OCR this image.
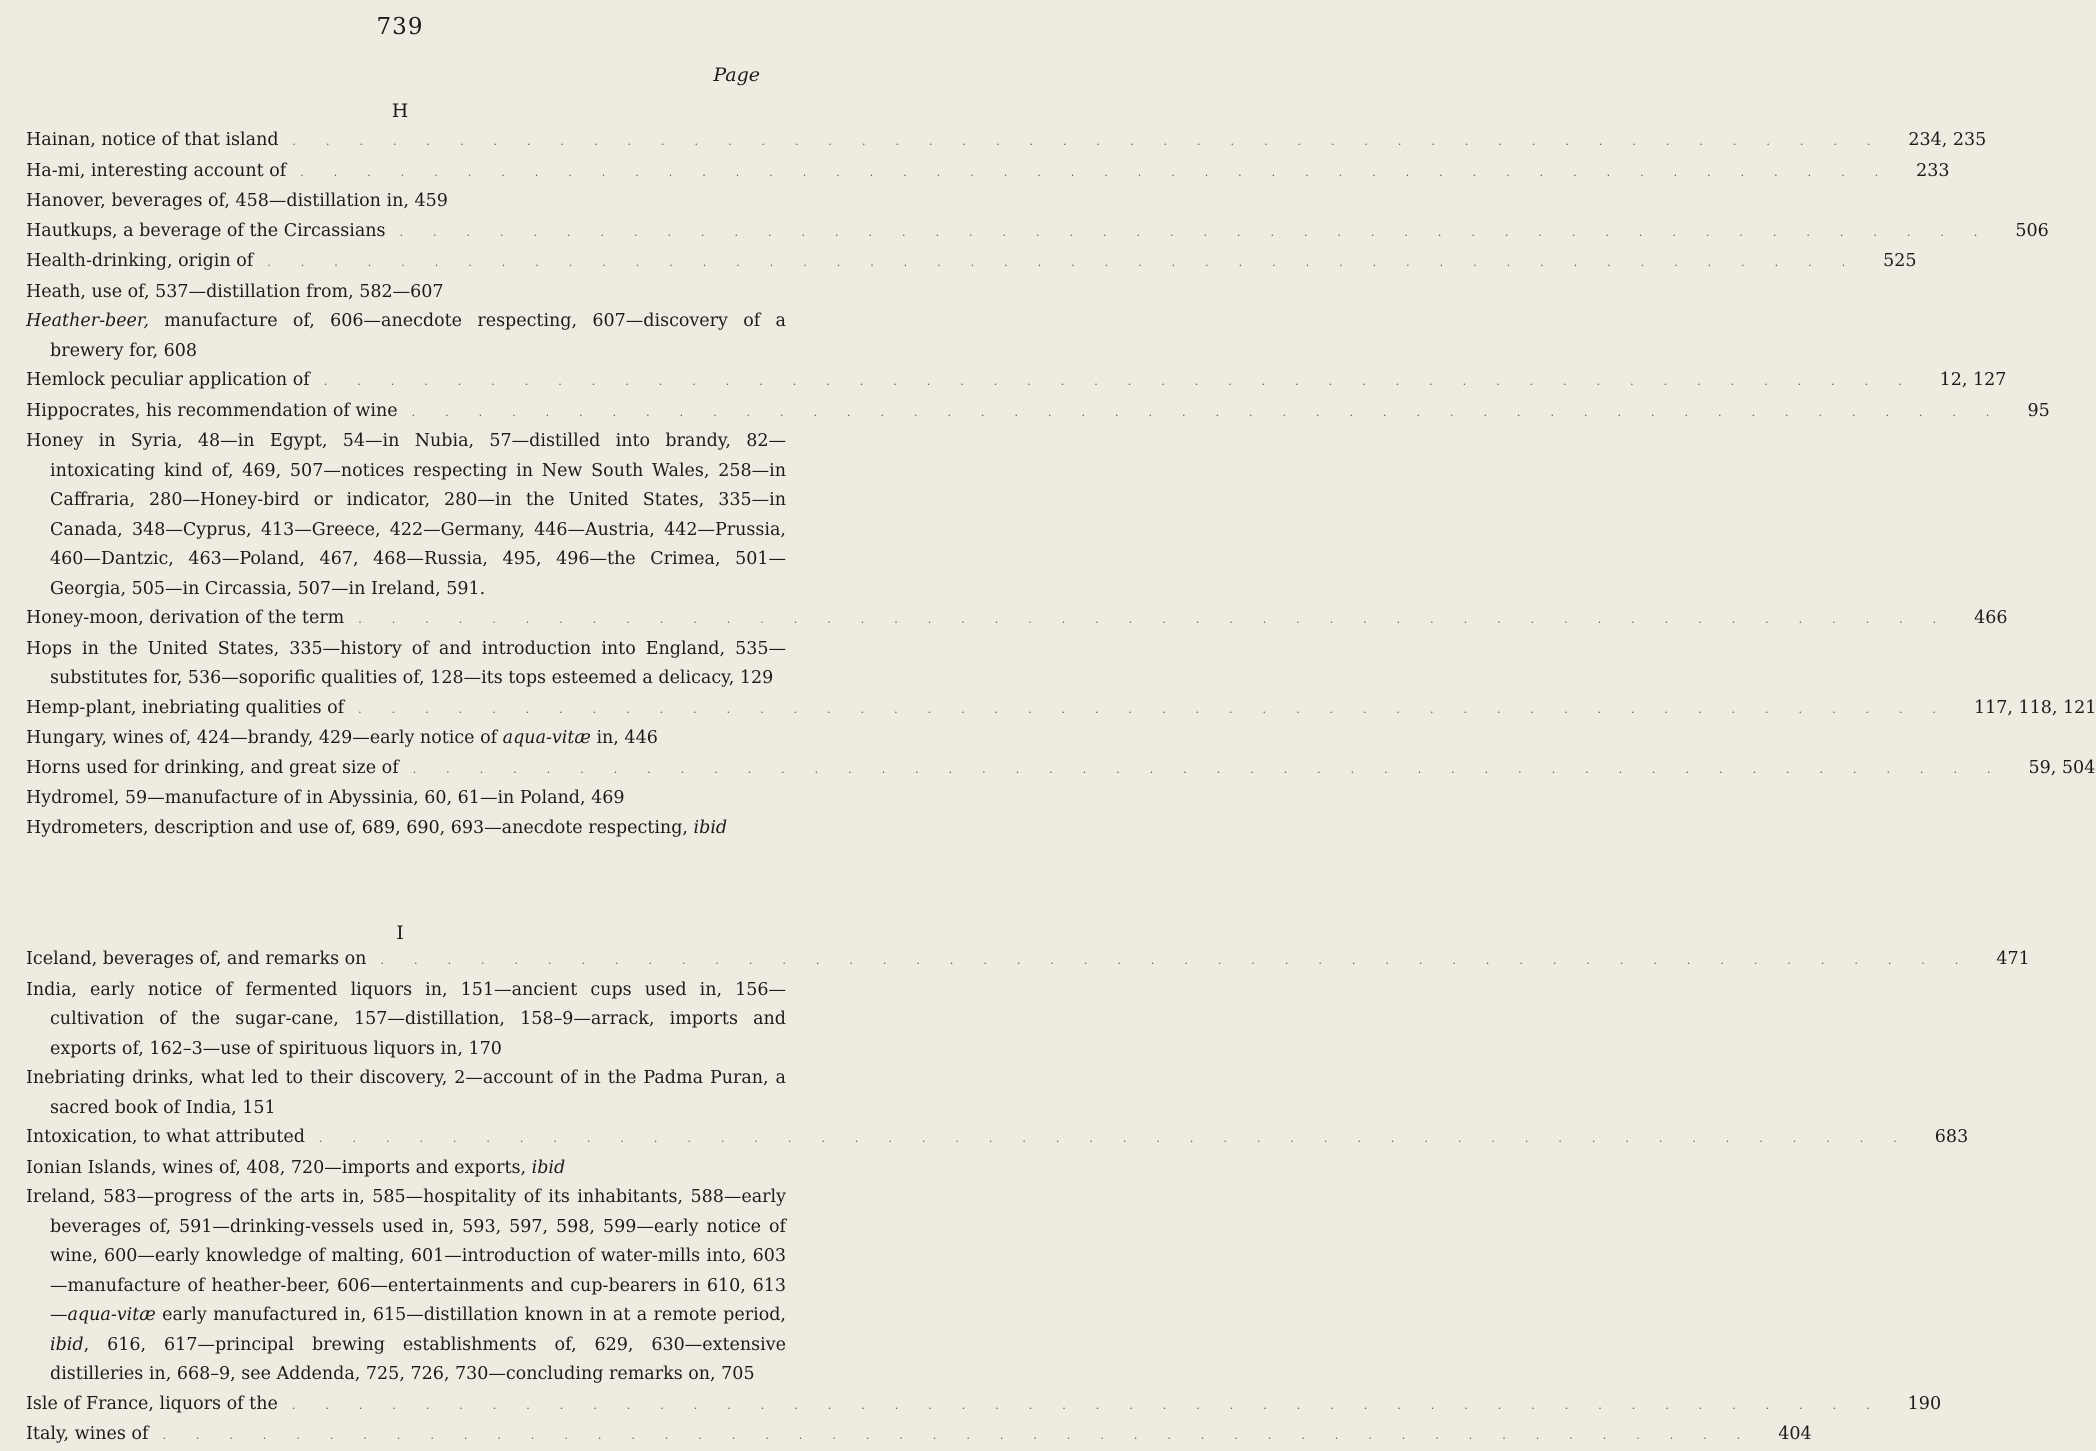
739
Page
H
Hainan, notice of that island	................................................ 234, 235
Ha-mi, interesting account of	................................................ 233
Hanover, beverages of, 458—distillation in, 459
Hautkups, a beverage of the Circassians	................................................ 506
Health-drinking, origin of	................................................ 525
Heath, use of, 537—distillation from, 582—607
Heather-beer, manufacture of, 606—anecdote respecting, 607—discovery of a brewery for, 608
Hemlock peculiar application of	................................................ 12, 127
Hippocrates, his recommendation of wine	................................................ 95
Honey in Syria, 48—in Egypt, 54—in Nubia, 57—distilled into brandy, 82—intoxicating kind of, 469, 507—notices respecting in New South Wales, 258—in Caffraria, 280—Honey-bird or indicator, 280—in the United States, 335—in Canada, 348—Cyprus, 413—Greece, 422—Germany, 446—Austria, 442—Prussia, 460—Dantzic, 463—Poland, 467, 468—Russia, 495, 496—the Crimea, 501—Georgia, 505—in Circassia, 507—in Ireland, 591.
Honey-moon, derivation of the term	................................................ 466
Hops in the United States, 335—history of and introduction into England, 535—substitutes for, 536—soporific qualities of, 128—its tops esteemed a delicacy, 129
Hemp-plant, inebriating qualities of	................................................ 117, 118, 121
Hungary, wines of, 424—brandy, 429—early notice of aqua-vitæ in, 446
Horns used for drinking, and great size of	................................................ 59, 504
Hydromel, 59—manufacture of in Abyssinia, 60, 61—in Poland, 469
Hydrometers, description and use of, 689, 690, 693—anecdote respecting, ibid
I
Iceland, beverages of, and remarks on	................................................ 471
India, early notice of fermented liquors in, 151—ancient cups used in, 156—cultivation of the sugar-cane, 157—distillation, 158–9—arrack, imports and exports of, 162–3—use of spirituous liquors in, 170
Inebriating drinks, what led to their discovery, 2—account of in the Padma Puran, a sacred book of India, 151
Intoxication, to what attributed	................................................ 683
Ionian Islands, wines of, 408, 720—imports and exports, ibid
Ireland, 583—progress of the arts in, 585—hospitality of its inhabitants, 588—early beverages of, 591—drinking-vessels used in, 593, 597, 598, 599—early notice of wine, 600—early knowledge of malting, 601—introduction of water-mills into, 603—manufacture of heather-beer, 606—entertainments and cup-bearers in 610, 613—aqua-vitæ early manufactured in, 615—distillation known in at a remote period, ibid, 616, 617—principal brewing establishments of, 629, 630—extensive distilleries in, 668–9, see Addenda, 725, 726, 730—concluding remarks on, 705
Isle of France, liquors of the	................................................ 190
Italy, wines of	................................................ 404
